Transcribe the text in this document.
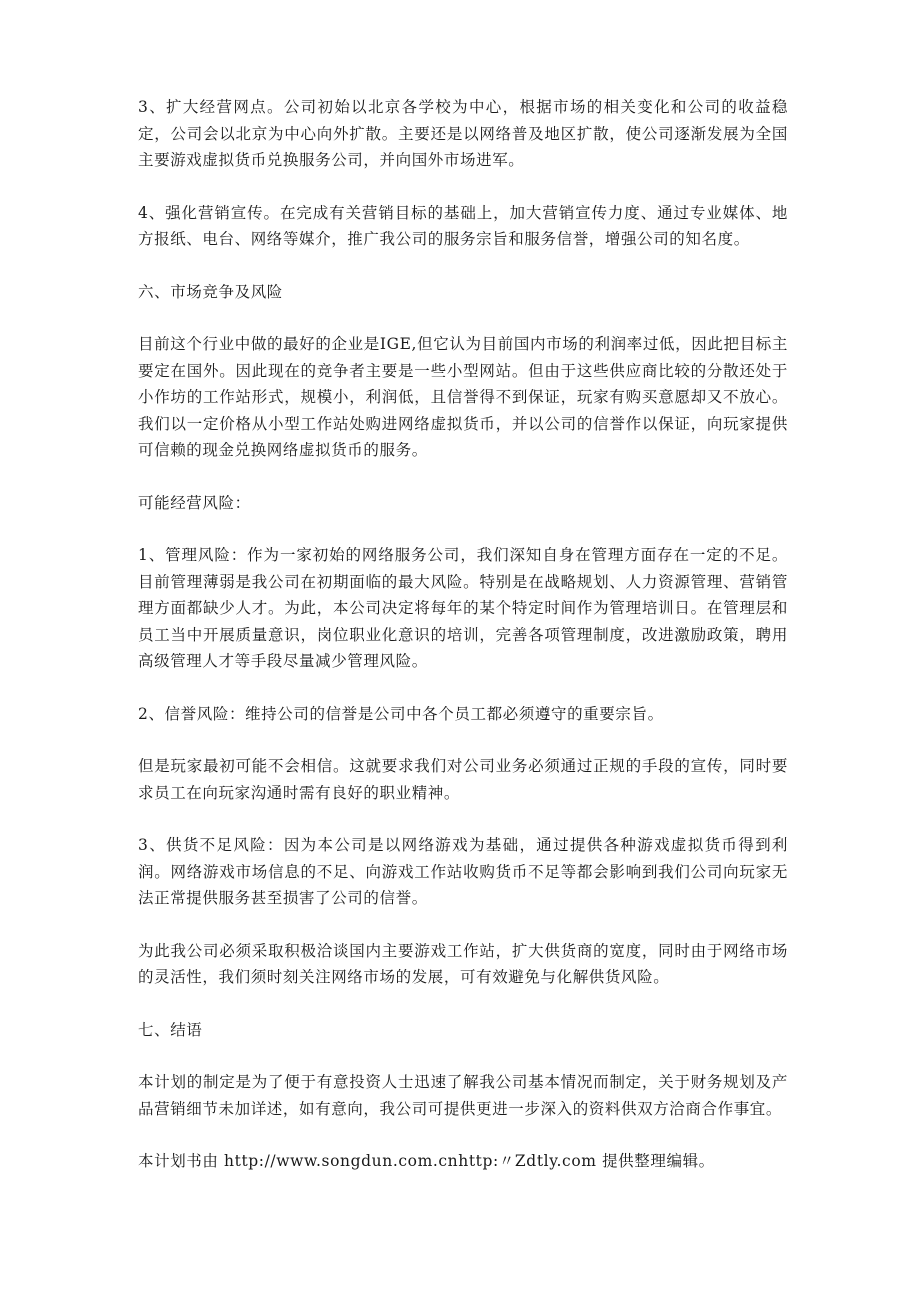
3、扩大经营网点。公司初始以北京各学校为中心，根据市场的相关变化和公司的收益稳定，公司会以北京为中心向外扩散。主要还是以网络普及地区扩散，使公司逐渐发展为全国主要游戏虚拟货币兑换服务公司，并向国外市场进军。

4、强化营销宣传。在完成有关营销目标的基础上，加大营销宣传力度、通过专业媒体、地方报纸、电台、网络等媒介，推广我公司的服务宗旨和服务信誉，增强公司的知名度。

六、市场竞争及风险

目前这个行业中做的最好的企业是IGE,但它认为目前国内市场的利润率过低，因此把目标主要定在国外。因此现在的竞争者主要是一些小型网站。但由于这些供应商比较的分散还处于小作坊的工作站形式，规模小，利润低，且信誉得不到保证，玩家有购买意愿却又不放心。我们以一定价格从小型工作站处购进网络虚拟货币，并以公司的信誉作以保证，向玩家提供可信赖的现金兑换网络虚拟货币的服务。

可能经营风险：

1、管理风险：作为一家初始的网络服务公司，我们深知自身在管理方面存在一定的不足。目前管理薄弱是我公司在初期面临的最大风险。特别是在战略规划、人力资源管理、营销管理方面都缺少人才。为此，本公司决定将每年的某个特定时间作为管理培训日。在管理层和员工当中开展质量意识，岗位职业化意识的培训，完善各项管理制度，改进激励政策，聘用高级管理人才等手段尽量减少管理风险。

2、信誉风险：维持公司的信誉是公司中各个员工都必须遵守的重要宗旨。

但是玩家最初可能不会相信。这就要求我们对公司业务必须通过正规的手段的宣传，同时要求员工在向玩家沟通时需有良好的职业精神。

3、供货不足风险：因为本公司是以网络游戏为基础，通过提供各种游戏虚拟货币得到利润。网络游戏市场信息的不足、向游戏工作站收购货币不足等都会影响到我们公司向玩家无法正常提供服务甚至损害了公司的信誉。

为此我公司必须采取积极洽谈国内主要游戏工作站，扩大供货商的宽度，同时由于网络市场的灵活性，我们须时刻关注网络市场的发展，可有效避免与化解供货风险。

七、结语

本计划的制定是为了便于有意投资人士迅速了解我公司基本情况而制定，关于财务规划及产品营销细节未加详述，如有意向，我公司可提供更进一步深入的资料供双方洽商合作事宜。

本计划书由 http://www.songdun.com.cnhttp:〃Zdtly.com 提供整理编辑。
